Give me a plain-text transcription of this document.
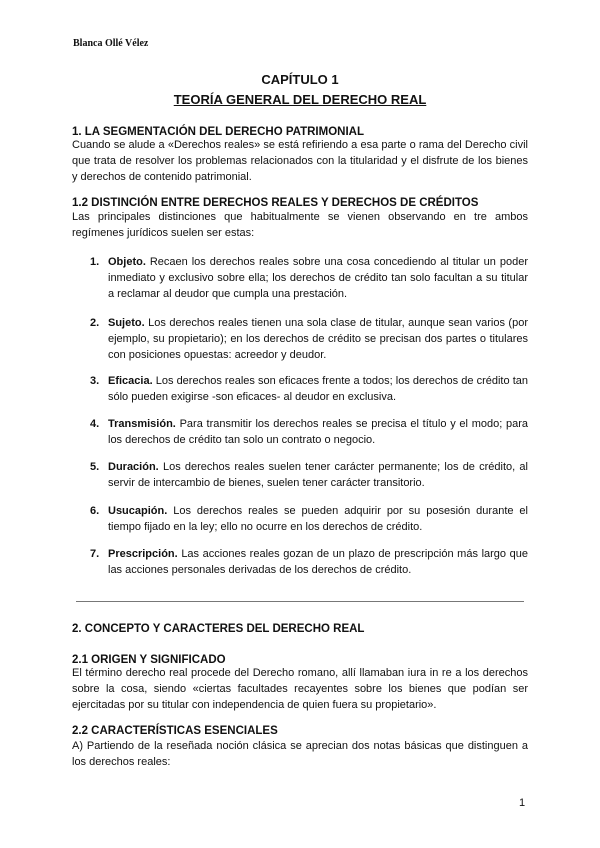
Blanca Ollé Vélez
CAPÍTULO 1
TEORÍA GENERAL DEL DERECHO REAL
1. LA SEGMENTACIÓN DEL DERECHO PATRIMONIAL
Cuando se alude a «Derechos reales» se está refiriendo a esa parte o rama del Derecho civil que trata de resolver los problemas relacionados con la titularidad y el disfrute de los bienes y derechos de contenido patrimonial.
1.2 DISTINCIÓN ENTRE DERECHOS REALES Y DERECHOS DE CRÉDITOS
Las principales distinciones que habitualmente se vienen observando en tre ambos regímenes jurídicos suelen ser estas:
1. Objeto. Recaen los derechos reales sobre una cosa concediendo al titular un poder inmediato y exclusivo sobre ella; los derechos de crédito tan solo facultan a su titular a reclamar al deudor que cumpla una prestación.
2. Sujeto. Los derechos reales tienen una sola clase de titular, aunque sean varios (por ejemplo, su propietario); en los derechos de crédito se precisan dos partes o titulares con posiciones opuestas: acreedor y deudor.
3. Eficacia. Los derechos reales son eficaces frente a todos; los derechos de crédito tan sólo pueden exigirse -son eficaces- al deudor en exclusiva.
4. Transmisión. Para transmitir los derechos reales se precisa el título y el modo; para los derechos de crédito tan solo un contrato o negocio.
5. Duración. Los derechos reales suelen tener carácter permanente; los de crédito, al servir de intercambio de bienes, suelen tener carácter transitorio.
6. Usucapión. Los derechos reales se pueden adquirir por su posesión durante el tiempo fijado en la ley; ello no ocurre en los derechos de crédito.
7. Prescripción. Las acciones reales gozan de un plazo de prescripción más largo que las acciones personales derivadas de los derechos de crédito.
2. CONCEPTO Y CARACTERES DEL DERECHO REAL
2.1 ORIGEN Y SIGNIFICADO
El término derecho real procede del Derecho romano, allí llamaban iura in re a los derechos sobre la cosa, siendo «ciertas facultades recayentes sobre los bienes que podían ser ejercitadas por su titular con independencia de quien fuera su propietario».
2.2 CARACTERÍSTICAS ESENCIALES
A) Partiendo de la reseñada noción clásica se aprecian dos notas básicas que distinguen a los derechos reales:
1
